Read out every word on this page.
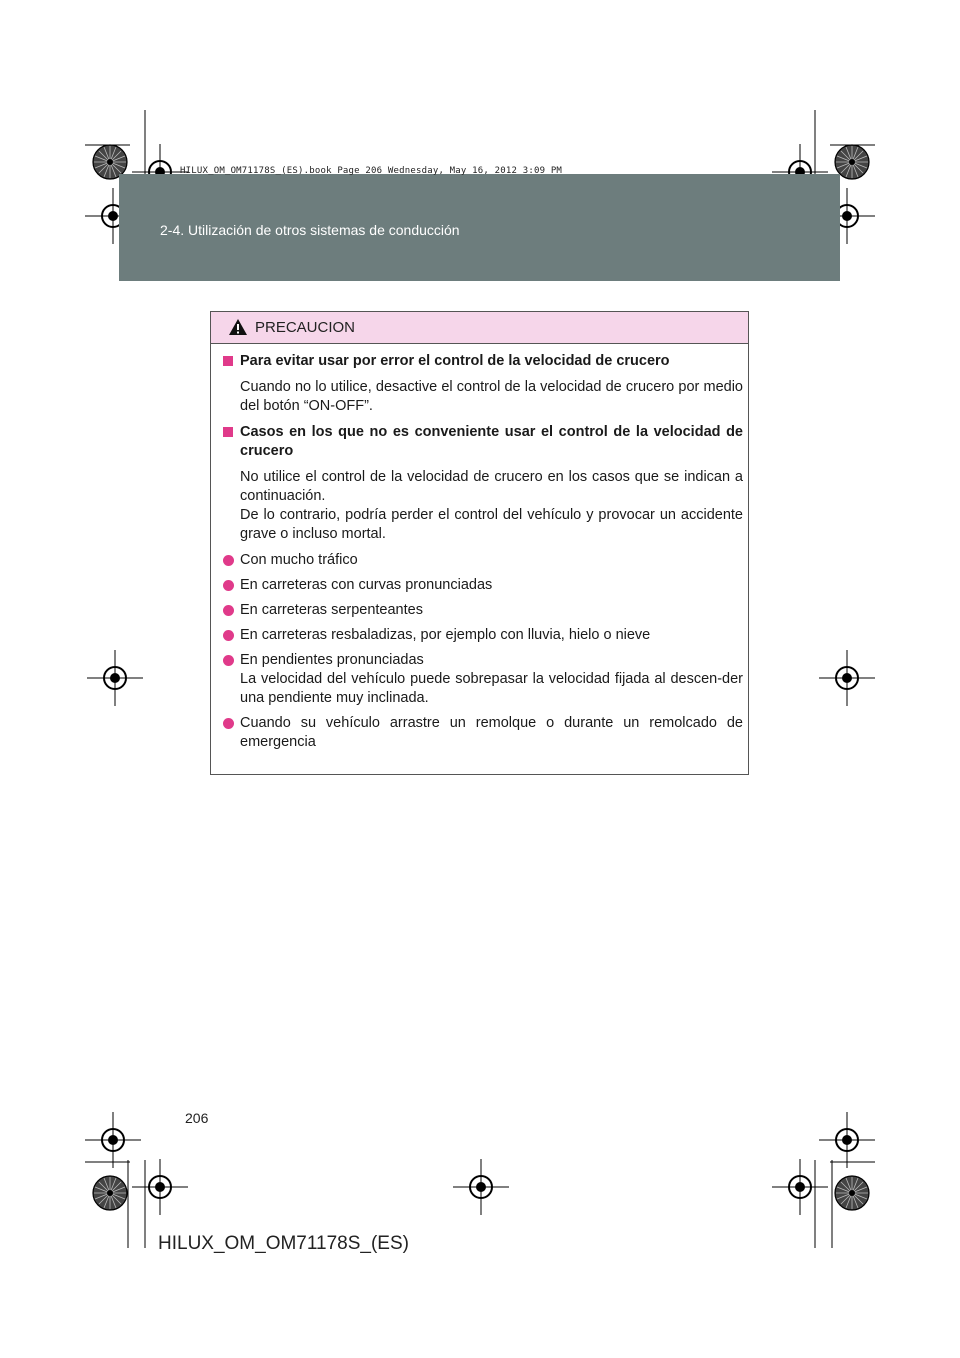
2-4. Utilización de otros sistemas de conducción
HILUX_OM_OM71178S_(ES).book Page 206 Wednesday, May 16, 2012 3:09 PM
PRECAUCION
Para evitar usar por error el control de la velocidad de crucero
Cuando no lo utilice, desactive el control de la velocidad de crucero por medio del botón “ON-OFF”.
Casos en los que no es conveniente usar el control de la velocidad de crucero
No utilice el control de la velocidad de crucero en los casos que se indican a continuación.
De lo contrario, podría perder el control del vehículo y provocar un accidente grave o incluso mortal.
Con mucho tráfico
En carreteras con curvas pronunciadas
En carreteras serpenteantes
En carreteras resbaladizas, por ejemplo con lluvia, hielo o nieve
En pendientes pronunciadas
La velocidad del vehículo puede sobrepasar la velocidad fijada al descen-der una pendiente muy inclinada.
Cuando su vehículo arrastre un remolque o durante un remolcado de emergencia
206
HILUX_OM_OM71178S_(ES)
